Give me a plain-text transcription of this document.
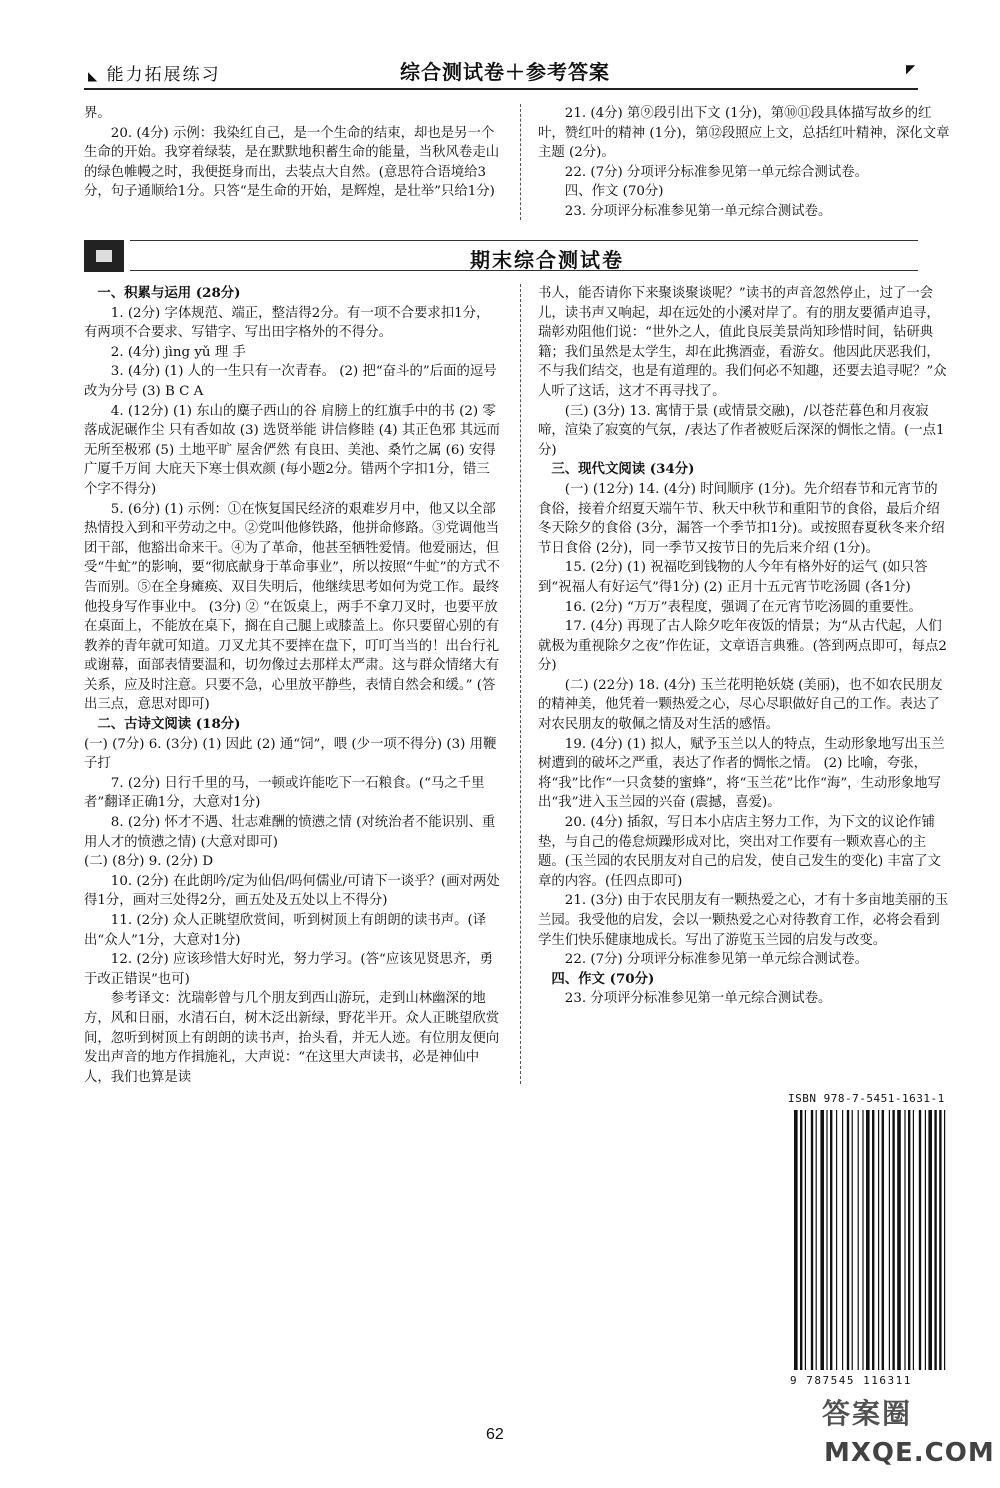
◣ 能力拓展练习	综合测试卷＋参考答案	◤

界。

20. (4分) 示例：我染红自己，是一个生命的结束，却也是另一个生命的开始。我穿着绿装，是在默默地积蓄生命的能量，当秋风卷走山的绿色帷幔之时，我便挺身而出，去装点大自然。(意思符合语境给3分，句子通顺给1分。只答“是生命的开始，是辉煌，是壮举”只给1分)

21. (4分) 第⑨段引出下文 (1分)，第⑩⑪段具体描写故乡的红叶，赞红叶的精神 (1分)，第⑫段照应上文，总括红叶精神，深化文章主题 (2分)。

22. (7分) 分项评分标准参见第一单元综合测试卷。

四、作文 (70分)

23. 分项评分标准参见第一单元综合测试卷。

期末综合测试卷

一、积累与运用 (28分)

1. (2分) 字体规范、端正，整洁得2分。有一项不合要求扣1分，有两项不合要求、写错字、写出田字格外的不得分。

2. (4分) jìng yǔ 理 手

3. (4分) (1) 人的一生只有一次青春。 (2) 把“奋斗的”后面的逗号改为分号 (3) B C A

4. (12分) (1) 东山的麋子西山的谷 肩膀上的红旗手中的书 (2) 零落成泥碾作尘 只有香如故 (3) 选贤举能 讲信修睦 (4) 其正色邪 其远而无所至极邪 (5) 土地平旷 屋舍俨然 有良田、美池、桑竹之属 (6) 安得广厦千万间 大庇天下寒士俱欢颜 (每小题2分。错两个字扣1分，错三个字不得分)

5. (6分) (1) 示例：①在恢复国民经济的艰难岁月中，他又以全部热情投入到和平劳动之中。②党叫他修铁路，他拼命修路。③党调他当团干部，他豁出命来干。④为了革命，他甚至牺牲爱情。他爱丽达，但受“牛虻”的影响，要“彻底献身于革命事业”，所以按照“牛虻”的方式不告而别。⑤在全身瘫痪、双目失明后，他继续思考如何为党工作。最终他投身写作事业中。 (3分) ② “在饭桌上，两手不拿刀叉时，也要平放在桌面上，不能放在桌下，搁在自己腿上或膝盖上。你只要留心别的有教养的青年就可知道。刀叉尤其不要摔在盘下，叮叮当当的！出台行礼或谢幕，面部表情要温和，切勿像过去那样太严肃。这与群众情绪大有关系，应及时注意。只要不急，心里放平静些，表情自然会和缓。” (答出三点，意思对即可)

二、古诗文阅读 (18分)

(一) (7分) 6. (3分) (1) 因此 (2) 通“饲”，喂 (少一项不得分) (3) 用鞭子打

7. (2分) 日行千里的马，一顿或许能吃下一石粮食。(“马之千里者”翻译正确1分，大意对1分)

8. (2分) 怀才不遇、壮志难酬的愤懑之情 (对统治者不能识别、重用人才的愤懑之情) (大意对即可)

(二) (8分) 9. (2分) D

10. (2分) 在此朗吟/定为仙侣/吗何儒业/可请下一谈乎？(画对两处得1分，画对三处得2分，画五处及五处以上不得分)

11. (2分) 众人正眺望欣赏间，听到树顶上有朗朗的读书声。(译出“众人”1分，大意对1分)

12. (2分) 应该珍惜大好时光，努力学习。(答“应该见贤思齐，勇于改正错误”也可)

参考译文：沈瑞彰曾与几个朋友到西山游玩，走到山林幽深的地方，风和日丽，水清石白，树木泛出新绿，野花半开。众人正眺望欣赏间，忽听到树顶上有朗朗的读书声，抬头看，并无人迹。有位朋友便向发出声音的地方作揖施礼，大声说：“在这里大声读书，必是神仙中人，我们也算是读

书人，能否请你下来聚谈聚谈呢？”读书的声音忽然停止，过了一会儿，读书声又响起，却在远处的小溪对岸了。有的朋友要循声追寻，瑞彰劝阻他们说：“世外之人，值此良辰美景尚知珍惜时间，钻研典籍；我们虽然是太学生，却在此携酒壶，看游女。他因此厌恶我们，不与我们结交，也是有道理的。我们何必不知趣，还要去追寻呢？”众人听了这话，这才不再寻找了。

(三) (3分) 13. 寓情于景 (或情景交融)，/以苍茫暮色和月夜寂啼，渲染了寂寞的气氛，/表达了作者被贬后深深的惆怅之情。(一点1分)

三、现代文阅读 (34分)

(一) (12分) 14. (4分) 时间顺序 (1分)。先介绍春节和元宵节的食俗，接着介绍夏天端午节、秋天中秋节和重阳节的食俗，最后介绍冬天除夕的食俗 (3分，漏答一个季节扣1分)。或按照春夏秋冬来介绍节日食俗 (2分)，同一季节又按节日的先后来介绍 (1分)。

15. (2分) (1) 祝福吃到钱物的人今年有格外好的运气 (如只答到“祝福人有好运气”得1分) (2) 正月十五元宵节吃汤圆 (各1分)

16. (2分) “万万”表程度，强调了在元宵节吃汤圆的重要性。

17. (4分) 再现了古人除夕吃年夜饭的情景；为“从古代起，人们就极为重视除夕之夜”作佐证，文章语言典雅。(答到两点即可，每点2分)

(二) (22分) 18. (4分) 玉兰花明艳妖娆 (美丽)，也不如农民朋友的精神美，他凭着一颗热爱之心，尽心尽职做好自己的工作。表达了对农民朋友的敬佩之情及对生活的感悟。

19. (4分) (1) 拟人，赋予玉兰以人的特点，生动形象地写出玉兰树遭到的破坏之严重，表达了作者的惆怅之情。 (2) 比喻，夸张，将“我”比作“一只贪婪的蜜蜂”，将“玉兰花”比作“海”，生动形象地写出“我”进入玉兰园的兴奋 (震撼，喜爱)。

20. (4分) 插叙，写日本小店店主努力工作，为下文的议论作铺垫，与自己的倦怠烦躁形成对比，突出对工作要有一颗欢喜心的主题。(玉兰园的农民朋友对自己的启发，使自己发生的变化) 丰富了文章的内容。(任四点即可)

21. (3分) 由于农民朋友有一颗热爱之心，才有十多亩地美丽的玉兰园。我受他的启发，会以一颗热爱之心对待教育工作，必将会看到学生们快乐健康地成长。写出了游览玉兰园的启发与改变。

22. (7分) 分项评分标准参见第一单元综合测试卷。

四、作文 (70分)

23. 分项评分标准参见第一单元综合测试卷。

ISBN 978-7-5451-1631-1
9 787545 116311
答案圈
MXQE.COM
62
